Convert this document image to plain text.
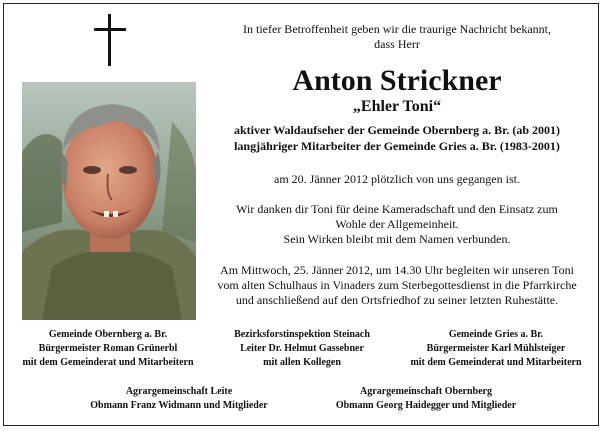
In tiefer Betroffenheit geben wir die traurige Nachricht bekannt,
dass Herr
Anton Strickner
„Ehler Toni“
aktiver Waldaufseher der Gemeinde Obernberg a. Br. (ab 2001)
langjähriger Mitarbeiter der Gemeinde Gries a. Br. (1983-2001)
am 20. Jänner 2012 plötzlich von uns gegangen ist.
Wir danken dir Toni für deine Kameradschaft und den Einsatz zum
Wohle der Allgemeinheit.
Sein Wirken bleibt mit dem Namen verbunden.
Am Mittwoch, 25. Jänner 2012, um 14.30 Uhr begleiten wir unseren Toni
vom alten Schulhaus in Vinaders zum Sterbegottesdienst in die Pfarrkirche
und anschließend auf den Ortsfriedhof zu seiner letzten Ruhestätte.
Gemeinde Obernberg a. Br.
Bürgermeister Roman Grünerbl
mit dem Gemeinderat und Mitarbeitern
Bezirksforstinspektion Steinach
Leiter Dr. Helmut Gassebner
mit allen Kollegen
Gemeinde Gries a. Br.
Bürgermeister Karl Mühlsteiger
mit dem Gemeinderat und Mitarbeitern
Agrargemeinschaft Leite
Obmann Franz Widmann und Mitglieder
Agrargemeinschaft Obernberg
Obmann Georg Haidegger und Mitglieder
